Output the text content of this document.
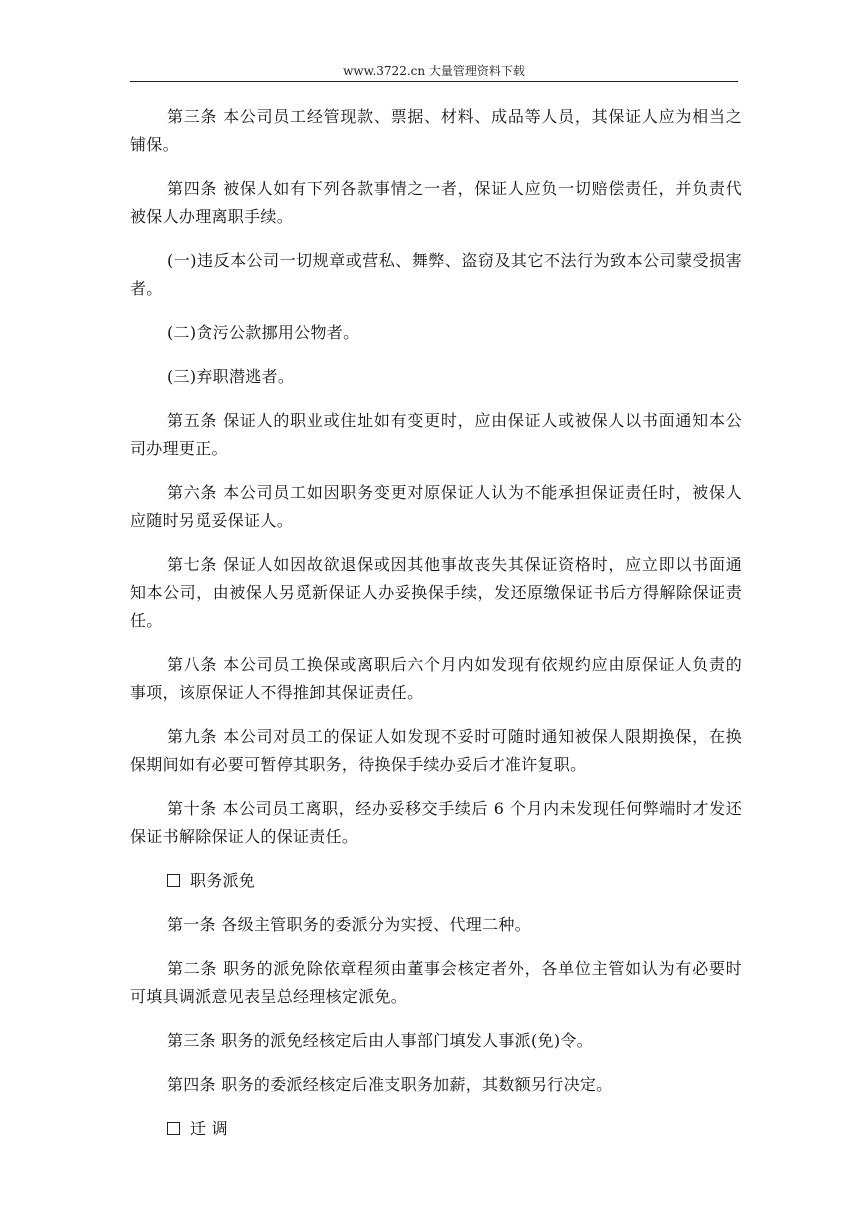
www.3722.cn 大量管理资料下载

第三条 本公司员工经管现款、票据、材料、成品等人员，其保证人应为相当之铺保。

第四条 被保人如有下列各款事情之一者，保证人应负一切赔偿责任，并负责代被保人办理离职手续。

(一)违反本公司一切规章或营私、舞弊、盗窃及其它不法行为致本公司蒙受损害者。

(二)贪污公款挪用公物者。

(三)弃职潜逃者。

第五条 保证人的职业或住址如有变更时，应由保证人或被保人以书面通知本公司办理更正。

第六条 本公司员工如因职务变更对原保证人认为不能承担保证责任时，被保人应随时另觅妥保证人。

第七条 保证人如因故欲退保或因其他事故丧失其保证资格时，应立即以书面通知本公司，由被保人另觅新保证人办妥换保手续，发还原缴保证书后方得解除保证责任。

第八条 本公司员工换保或离职后六个月内如发现有依规约应由原保证人负责的事项，该原保证人不得推卸其保证责任。

第九条 本公司对员工的保证人如发现不妥时可随时通知被保人限期换保，在换保期间如有必要可暂停其职务，待换保手续办妥后才准许复职。

第十条 本公司员工离职，经办妥移交手续后 6 个月内未发现任何弊端时才发还保证书解除保证人的保证责任。

职务派免

第一条 各级主管职务的委派分为实授、代理二种。

第二条 职务的派免除依章程须由董事会核定者外，各单位主管如认为有必要时可填具调派意见表呈总经理核定派免。

第三条 职务的派免经核定后由人事部门填发人事派(免)令。

第四条 职务的委派经核定后准支职务加薪，其数额另行决定。

迁 调
